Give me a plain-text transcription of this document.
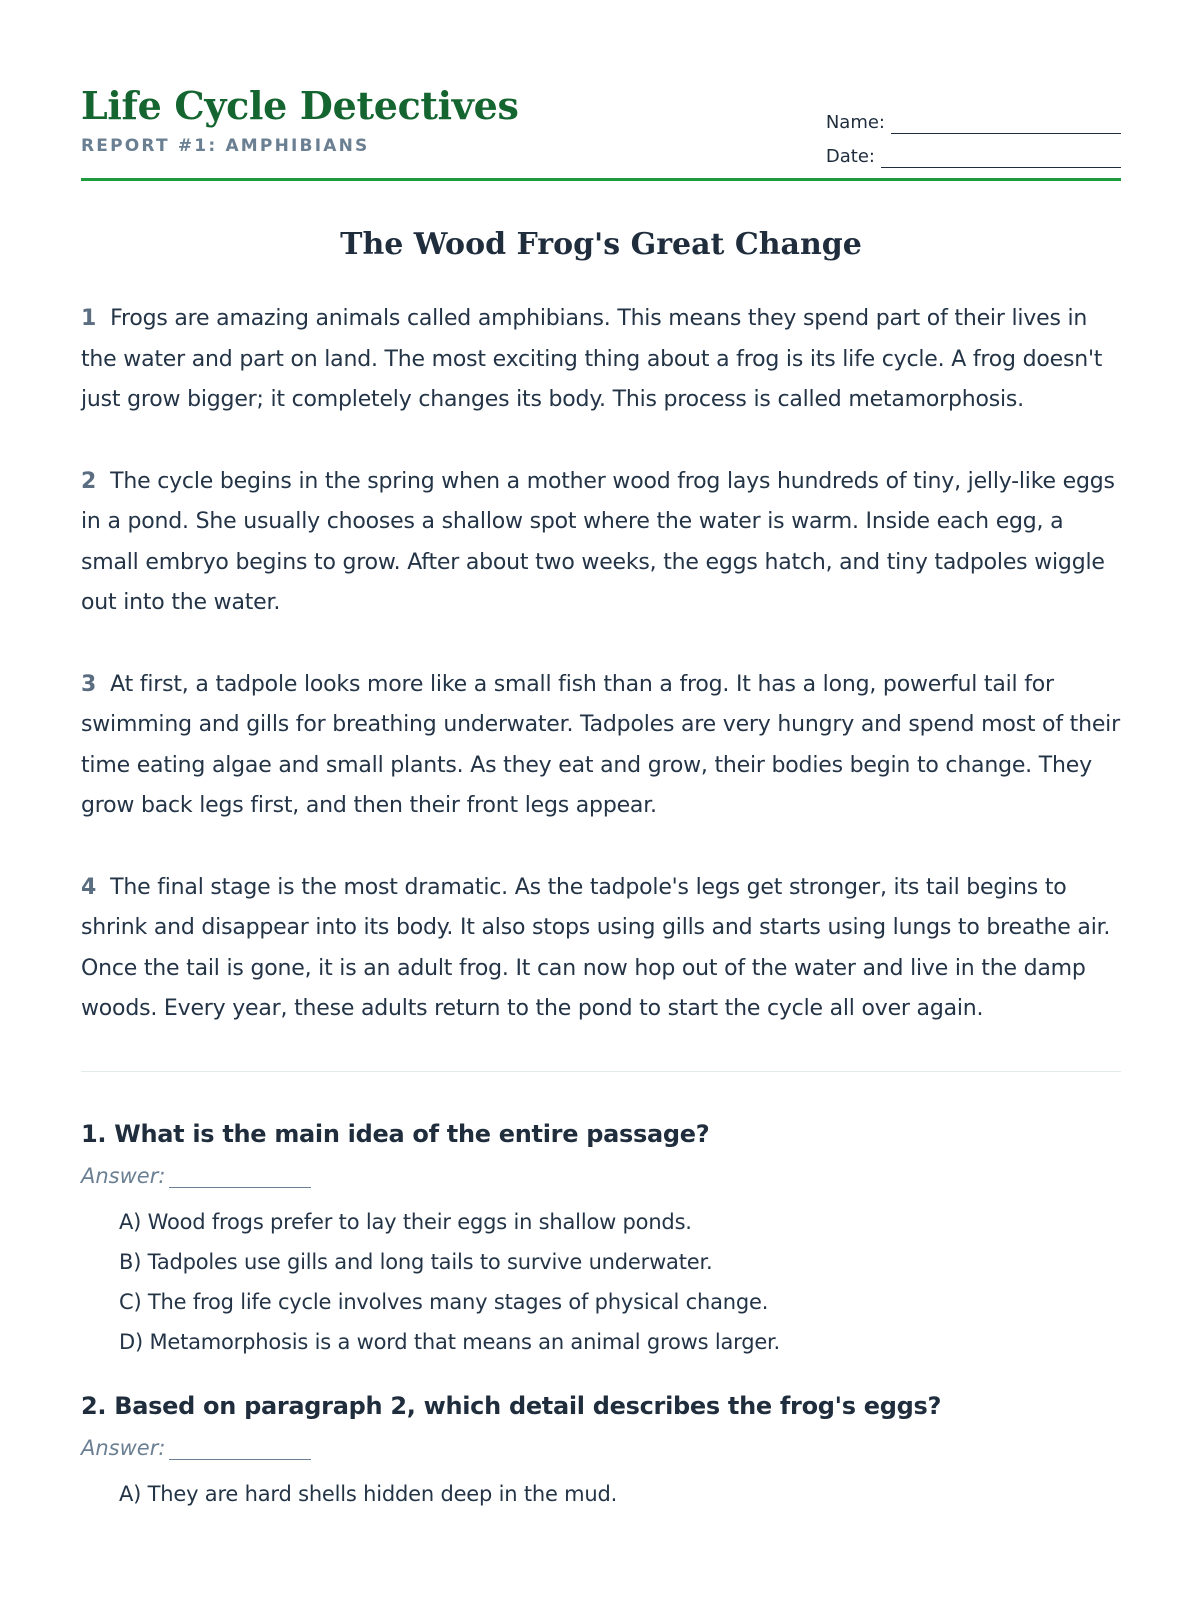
Life Cycle Detectives
REPORT #1: AMPHIBIANS
Name:
Date:
The Wood Frog's Great Change

1 Frogs are amazing animals called amphibians. This means they spend part of their lives in the water and part on land. The most exciting thing about a frog is its life cycle. A frog doesn't just grow bigger; it completely changes its body. This process is called metamorphosis.

2 The cycle begins in the spring when a mother wood frog lays hundreds of tiny, jelly-like eggs in a pond. She usually chooses a shallow spot where the water is warm. Inside each egg, a small embryo begins to grow. After about two weeks, the eggs hatch, and tiny tadpoles wiggle out into the water.

3 At first, a tadpole looks more like a small fish than a frog. It has a long, powerful tail for swimming and gills for breathing underwater. Tadpoles are very hungry and spend most of their time eating algae and small plants. As they eat and grow, their bodies begin to change. They grow back legs first, and then their front legs appear.

4 The final stage is the most dramatic. As the tadpole's legs get stronger, its tail begins to shrink and disappear into its body. It also stops using gills and starts using lungs to breathe air. Once the tail is gone, it is an adult frog. It can now hop out of the water and live in the damp woods. Every year, these adults return to the pond to start the cycle all over again.

1. What is the main idea of the entire passage?
Answer:
A) Wood frogs prefer to lay their eggs in shallow ponds.
B) Tadpoles use gills and long tails to survive underwater.
C) The frog life cycle involves many stages of physical change.
D) Metamorphosis is a word that means an animal grows larger.
2. Based on paragraph 2, which detail describes the frog's eggs?
Answer:
A) They are hard shells hidden deep in the mud.
